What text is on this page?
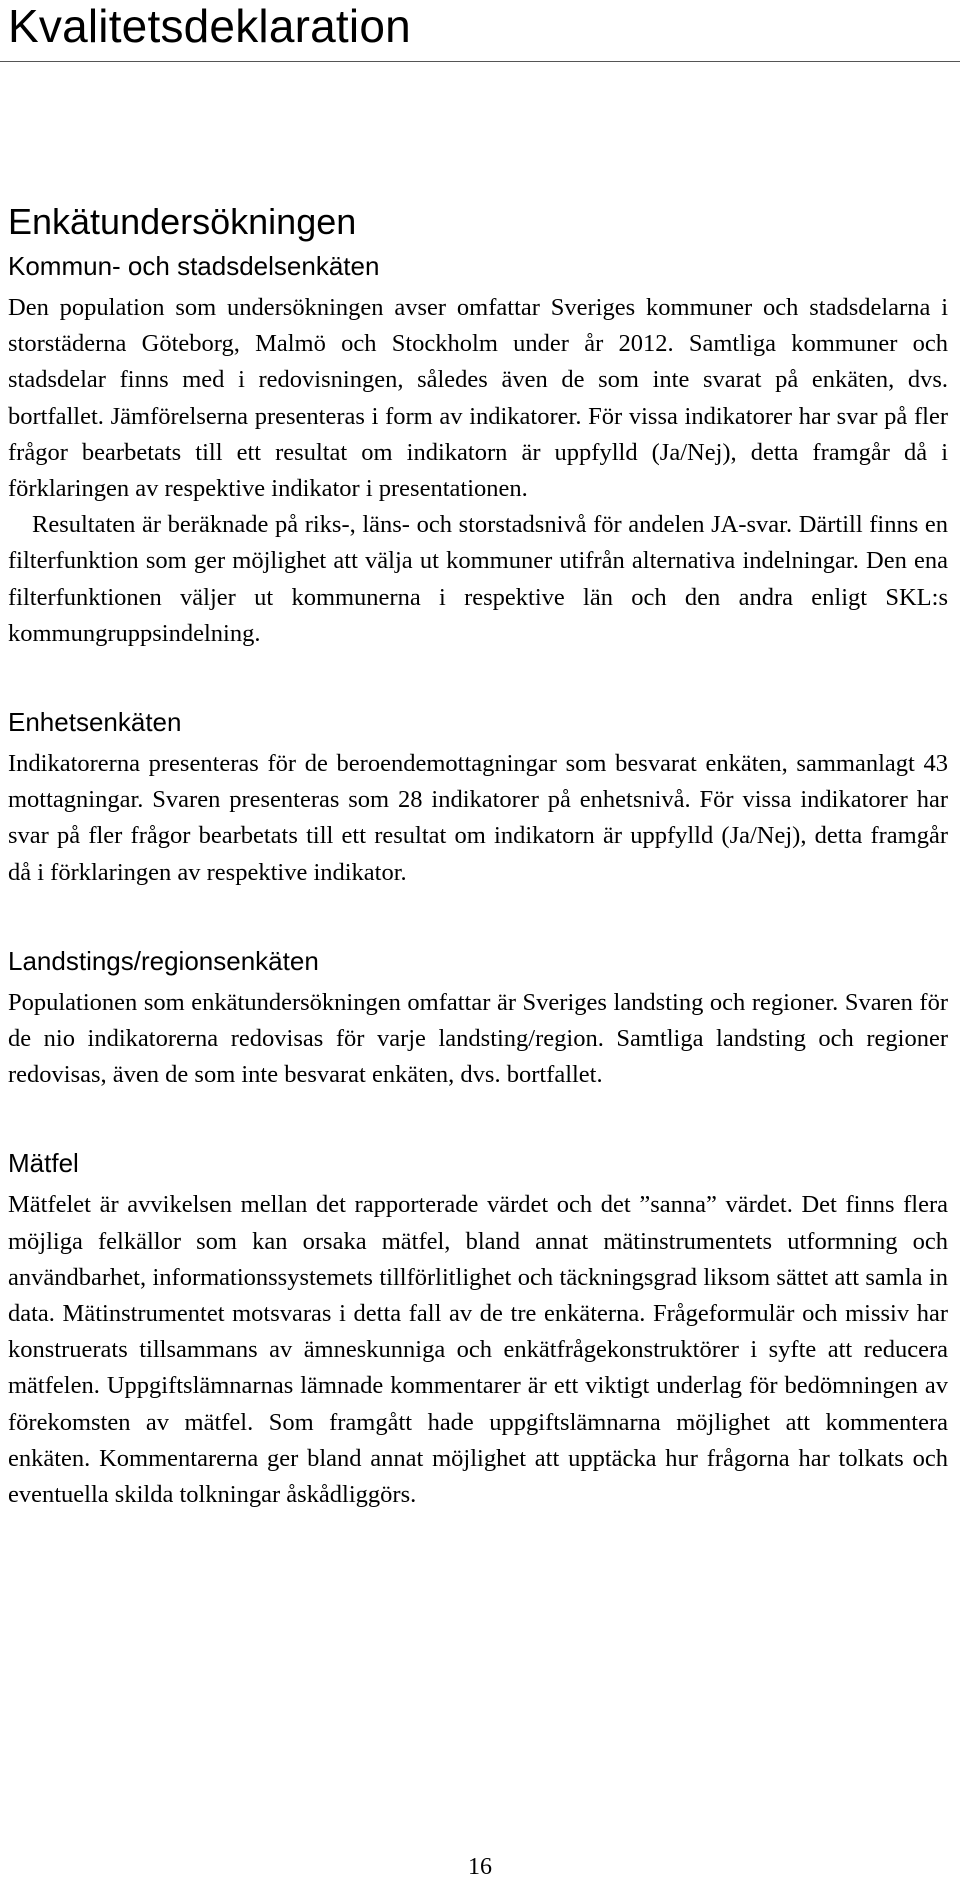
Kvalitetsdeklaration
Enkätundersökningen
Kommun- och stadsdelsenkäten

Den population som undersökningen avser omfattar Sveriges kommuner och stadsdelarna i storstäderna Göteborg, Malmö och Stockholm under år 2012. Samtliga kommuner och stadsdelar finns med i redovisningen, således även de som inte svarat på enkäten, dvs. bortfallet. Jämförelserna presenteras i form av indikatorer. För vissa indikatorer har svar på fler frågor bearbetats till ett resultat om indikatorn är uppfylld (Ja/Nej), detta framgår då i förklaringen av respektive indikator i presentationen.

Resultaten är beräknade på riks-, läns- och storstadsnivå för andelen JA-svar. Därtill finns en filterfunktion som ger möjlighet att välja ut kommuner utifrån alternativa indelningar. Den ena filterfunktionen väljer ut kommunerna i respektive län och den andra enligt SKL:s kommungruppsindelning.

Enhetsenkäten

Indikatorerna presenteras för de beroendemottagningar som besvarat enkäten, sammanlagt 43 mottagningar. Svaren presenteras som 28 indikatorer på enhetsnivå. För vissa indikatorer har svar på fler frågor bearbetats till ett resultat om indikatorn är uppfylld (Ja/Nej), detta framgår då i förklaringen av respektive indikator.

Landstings/regionsenkäten

Populationen som enkätundersökningen omfattar är Sveriges landsting och regioner. Svaren för de nio indikatorerna redovisas för varje landsting/region. Samtliga landsting och regioner redovisas, även de som inte besvarat enkäten, dvs. bortfallet.

Mätfel

Mätfelet är avvikelsen mellan det rapporterade värdet och det ”sanna” värdet. Det finns flera möjliga felkällor som kan orsaka mätfel, bland annat mätinstrumentets utformning och användbarhet, informationssystemets tillförlitlighet och täckningsgrad liksom sättet att samla in data. Mätinstrumentet motsvaras i detta fall av de tre enkäterna. Frågeformulär och missiv har konstruerats tillsammans av ämneskunniga och enkätfrågekonstruktörer i syfte att reducera mätfelen. Uppgiftslämnarnas lämnade kommentarer är ett viktigt underlag för bedömningen av förekomsten av mätfel. Som framgått hade uppgiftslämnarna möjlighet att kommentera enkäten. Kommentarerna ger bland annat möjlighet att upptäcka hur frågorna har tolkats och eventuella skilda tolkningar åskådliggörs.

16
